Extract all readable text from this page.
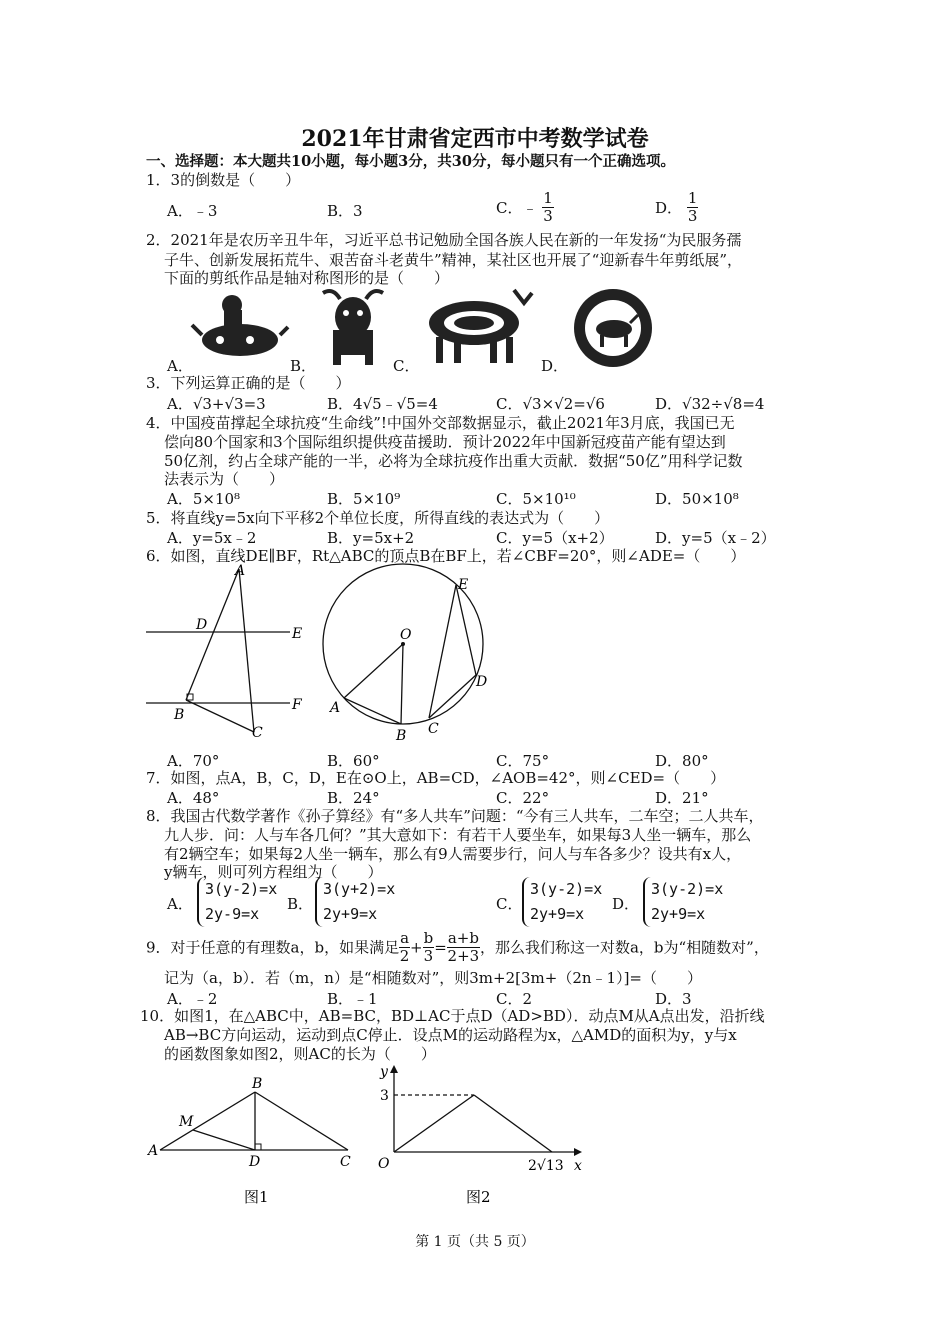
2021年甘肃省定西市中考数学试卷
一、选择题：本大题共10小题，每小题3分，共30分，每小题只有一个正确选项。
1．3的倒数是（　　）
A．﹣3	B．3	C．﹣ $\frac{1}{3}$	D． $\frac{1}{3}$
2．2021年是农历辛丑牛年，习近平总书记勉励全国各族人民在新的一年发扬“为民服务孺
子牛、创新发展拓荒牛、艰苦奋斗老黄牛”精神，某社区也开展了“迎新春牛年剪纸展”，
下面的剪纸作品是轴对称图形的是（　　）
A．	B．	C．	D．
3．下列运算正确的是（　　）
A．√3+√3=3	B．4√5﹣√5=4	C．√3×√2=√6	D．√32÷√8=4
4．中国疫苗撑起全球抗疫“生命线”!中国外交部数据显示，截止2021年3月底，我国已无
偿向80个国家和3个国际组织提供疫苗援助．预计2022年中国新冠疫苗产能有望达到
50亿剂，约占全球产能的一半，必将为全球抗疫作出重大贡献．数据“50亿”用科学记数
法表示为（　　）
A．5×10⁸	B．5×10⁹	C．5×10¹⁰	D．50×10⁸
5．将直线y=5x向下平移2个单位长度，所得直线的表达式为（　　）
A．y=5x﹣2	B．y=5x+2	C．y=5（x+2）	D．y=5（x﹣2）
6．如图，直线DE∥BF，Rt△ABC的顶点B在BF上，若∠CBF=20°，则∠ADE=（　　）
A
D
E
B
F
C
O
E
D
C
B
A
A．70°	B．60°	C．75°	D．80°
7．如图，点A，B，C，D，E在⊙O上，AB=CD，∠AOB=42°，则∠CED=（　　）
A．48°	B．24°	C．22°	D．21°
8．我国古代数学著作《孙子算经》有“多人共车”问题：“今有三人共车，二车空；二人共车，
九人步．问：人与车各几何？”其大意如下：有若干人要坐车，如果每3人坐一辆车，那么
有2辆空车；如果每2人坐一辆车，那么有9人需要步行，问人与车各多少？设共有x人，
y辆车，则可列方程组为（　　）
A．
3(y-2)=x
2y-9=x
B．
3(y+2)=x
2y+9=x
C．
3(y-2)=x
2y+9=x
D．
3(y-2)=x
2y+9=x
9．对于任意的有理数a，b，如果满足 $\frac{a}{2} + \frac{b}{3} = \frac{a+b}{2+3}$ ，那么我们称这一对数a，b为“相随数对”，
记为（a，b）．若（m，n）是“相随数对”，则3m+2[3m+（2n﹣1）]=（　　）
A．﹣2	B．﹣1	C．2	D．3
10．如图1，在△ABC中，AB=BC，BD⊥AC于点D（AD>BD）．动点M从A点出发，沿折线
AB→BC方向运动，运动到点C停止．设点M的运动路程为x，△AMD的面积为y，y与x
的函数图象如图2，则AC的长为（　　）
B
M
A
D	C
图1
y
3
O	2√13 x
图2
第 1 页（共 5 页）
